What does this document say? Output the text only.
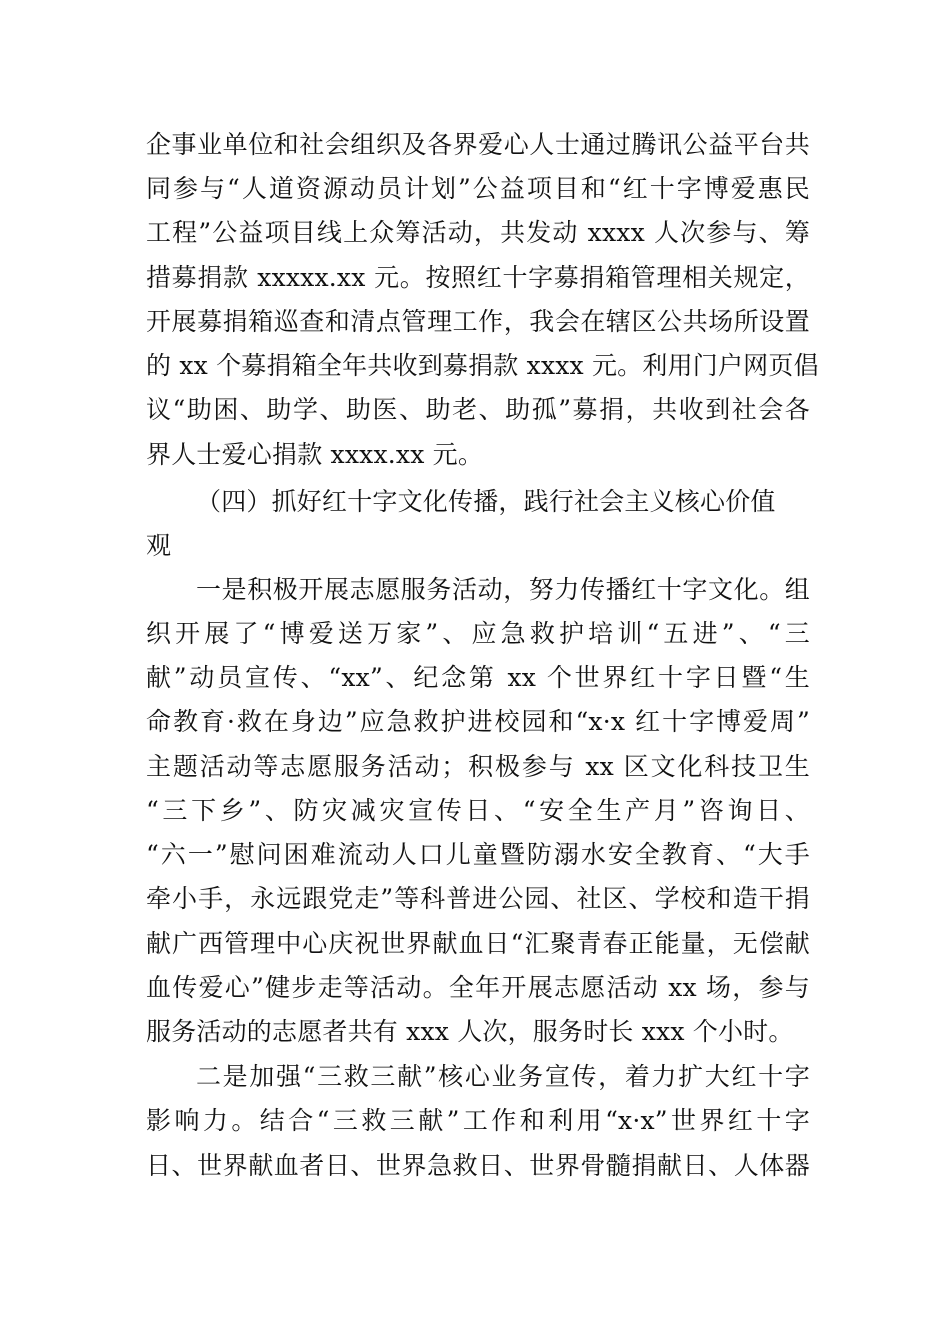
企事业单位和社会组织及各界爱心人士通过腾讯公益平台共
同参与“人道资源动员计划”公益项目和“红十字博爱惠民
工程”公益项目线上众筹活动，共发动 xxxx 人次参与、筹
措募捐款 xxxxx.xx 元。按照红十字募捐箱管理相关规定，
开展募捐箱巡查和清点管理工作，我会在辖区公共场所设置
的 xx 个募捐箱全年共收到募捐款 xxxx 元。利用门户网页倡
议“助困、助学、助医、助老、助孤”募捐，共收到社会各
界人士爱心捐款 xxxx.xx 元。
（四）抓好红十字文化传播，践行社会主义核心价值
观
一是积极开展志愿服务活动，努力传播红十字文化。组
织开展了“博爱送万家”、应急救护培训“五进”、“三
献”动员宣传、“xx”、纪念第 xx 个世界红十字日暨“生
命教育·救在身边”应急救护进校园和“x·x 红十字博爱周”
主题活动等志愿服务活动；积极参与 xx 区文化科技卫生
“三下乡”、防灾减灾宣传日、“安全生产月”咨询日、
“六一”慰问困难流动人口儿童暨防溺水安全教育、“大手
牵小手，永远跟党走”等科普进公园、社区、学校和造干捐
献广西管理中心庆祝世界献血日“汇聚青春正能量，无偿献
血传爱心”健步走等活动。全年开展志愿活动 xx 场，参与
服务活动的志愿者共有 xxx 人次，服务时长 xxx 个小时。
二是加强“三救三献”核心业务宣传，着力扩大红十字
影响力。结合“三救三献”工作和利用“x·x”世界红十字
日、世界献血者日、世界急救日、世界骨髓捐献日、人体器
